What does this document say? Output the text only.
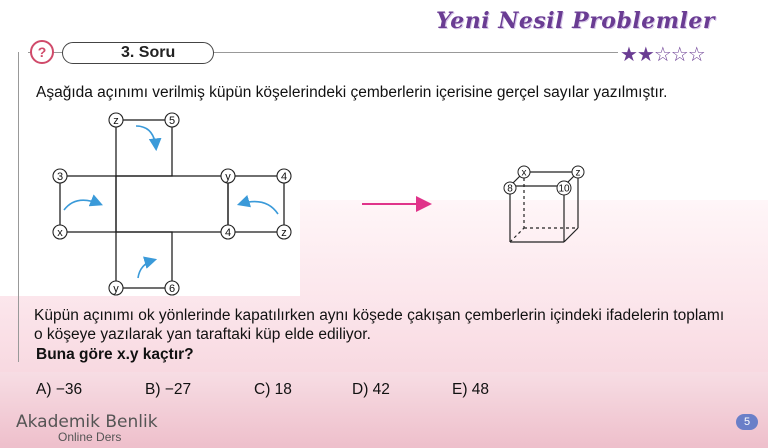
Yeni Nesil Problemler
★★☆☆☆
?	3. Soru
Aşağıda açınımı verilmiş küpün köşelerindeki çemberlerin içerisine gerçel sayılar yazılmıştır.
z	5
3	y	4
x	4	z
y	6
x	z
8	10
Küpün açınımı ok yönlerinde kapatılırken aynı köşede çakışan çemberlerin içindeki ifadelerin toplamı o köşeye yazılarak yan taraftaki küp elde ediliyor.
Buna göre x.y kaçtır?
A) −36	B) −27	C) 18	D) 42	E) 48
Akademik Benlik
Online Ders
5
